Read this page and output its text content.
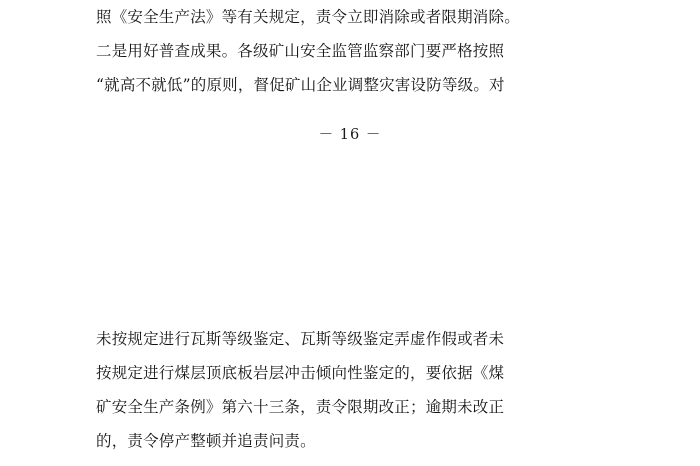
照《安全生产法》等有关规定，责令立即消除或者限期消除。
二是用好普查成果。各级矿山安全监管监察部门要严格按照
“就高不就低”的原则，督促矿山企业调整灾害设防等级。对
－ 16 －
未按规定进行瓦斯等级鉴定、瓦斯等级鉴定弄虚作假或者未
按规定进行煤层顶底板岩层冲击倾向性鉴定的，要依据《煤
矿安全生产条例》第六十三条，责令限期改正；逾期未改正
的，责令停产整顿并追责问责。
